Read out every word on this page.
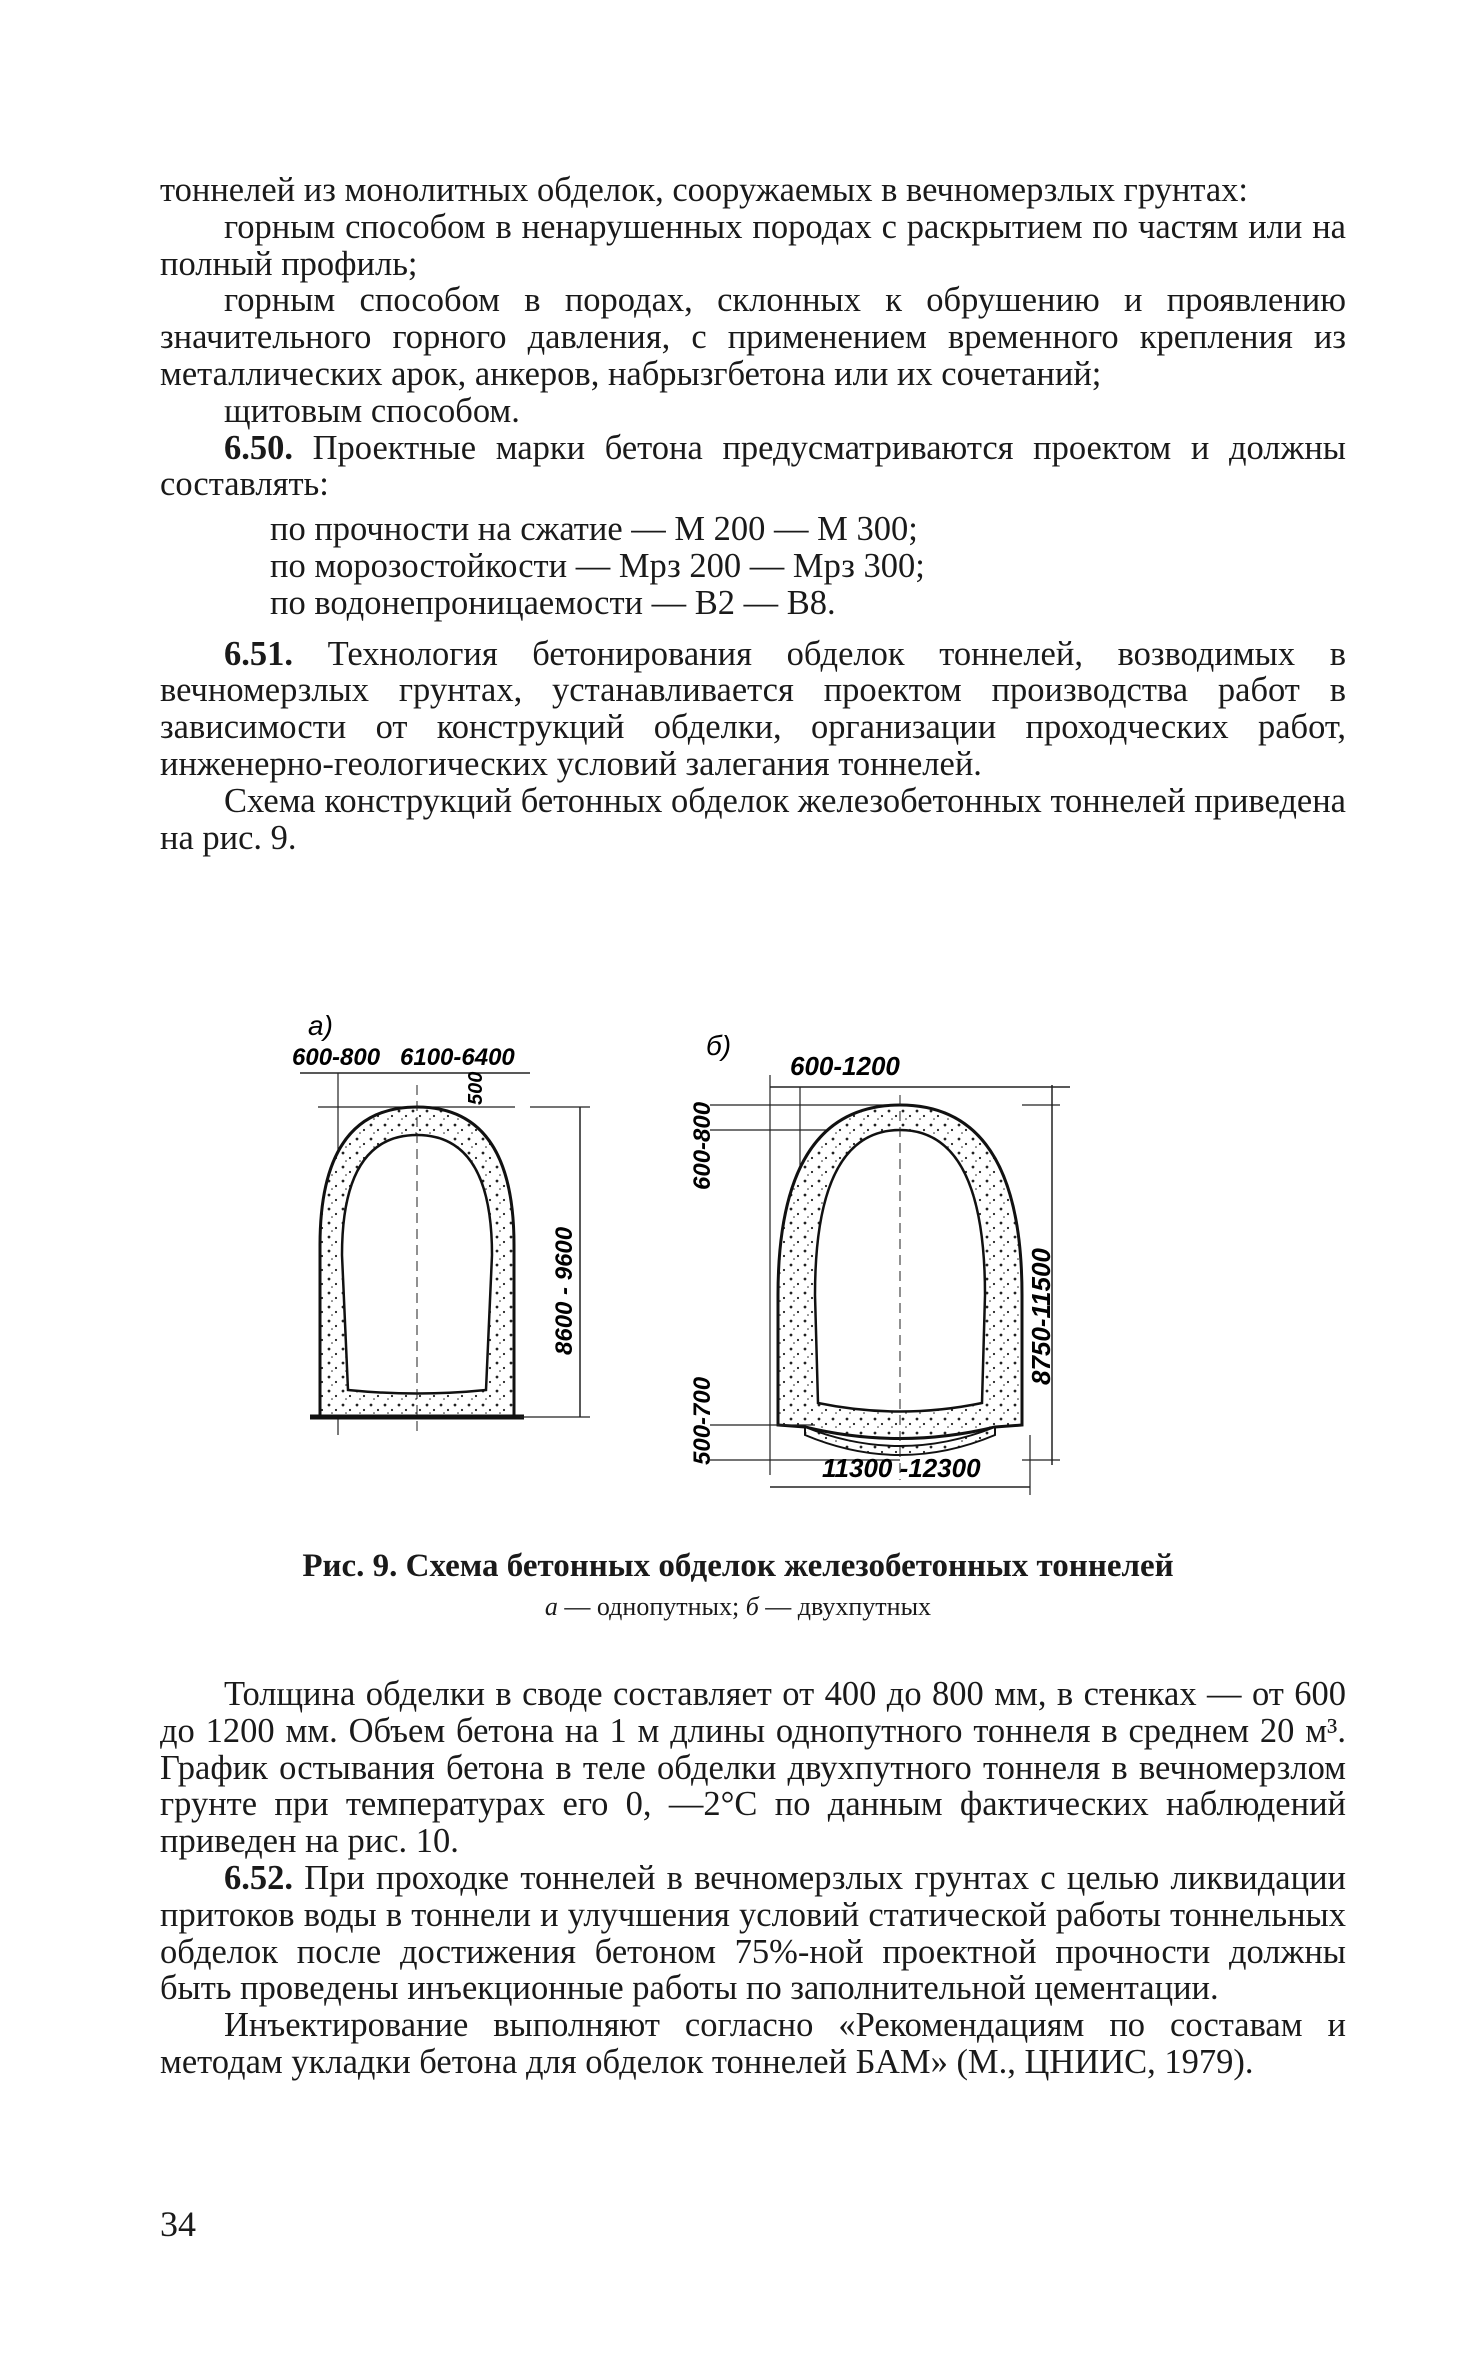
тоннелей из монолитных обделок, сооружаемых в вечномерзлых грунтах:

горным способом в ненарушенных породах с раскрытием по частям или на полный профиль;

горным способом в породах, склонных к обрушению и проявлению значительного горного давления, с применением временного крепления из металлических арок, анкеров, набрызгбетона или их сочетаний;

щитовым способом.

6.50. Проектные марки бетона предусматриваются проектом и должны составлять:

по прочности на сжатие — М 200 — М 300;

по морозостойкости — Мрз 200 — Мрз 300;

по водонепроницаемости — В2 — В8.

6.51. Технология бетонирования обделок тоннелей, возводимых в вечномерзлых грунтах, устанавливается проектом производства работ в зависимости от конструкций обделки, организации проходческих работ, инженерно-геологических условий залегания тоннелей.

Схема конструкций бетонных обделок железобетонных тоннелей приведена на рис. 9.

а)
600-800 6100-6400
500
8600 - 9600
б)
600-1200
600-800
500-700
8750-11500
11300 -12300
Рис. 9. Схема бетонных обделок железобетонных тоннелей
а — однопутных; б — двухпутных

Толщина обделки в своде составляет от 400 до 800 мм, в стенках — от 600 до 1200 мм. Объем бетона на 1 м длины однопутного тоннеля в среднем 20 м³. График остывания бетона в теле обделки двухпутного тоннеля в вечномерзлом грунте при температурах его 0, —2°С по данным фактических наблюдений приведен на рис. 10.

6.52. При проходке тоннелей в вечномерзлых грунтах с целью ликвидации притоков воды в тоннели и улучшения условий статической работы тоннельных обделок после достижения бетоном 75%-ной проектной прочности должны быть проведены инъекционные работы по заполнительной цементации.

Инъектирование выполняют согласно «Рекомендациям по составам и методам укладки бетона для обделок тоннелей БАМ» (М., ЦНИИС, 1979).

34
